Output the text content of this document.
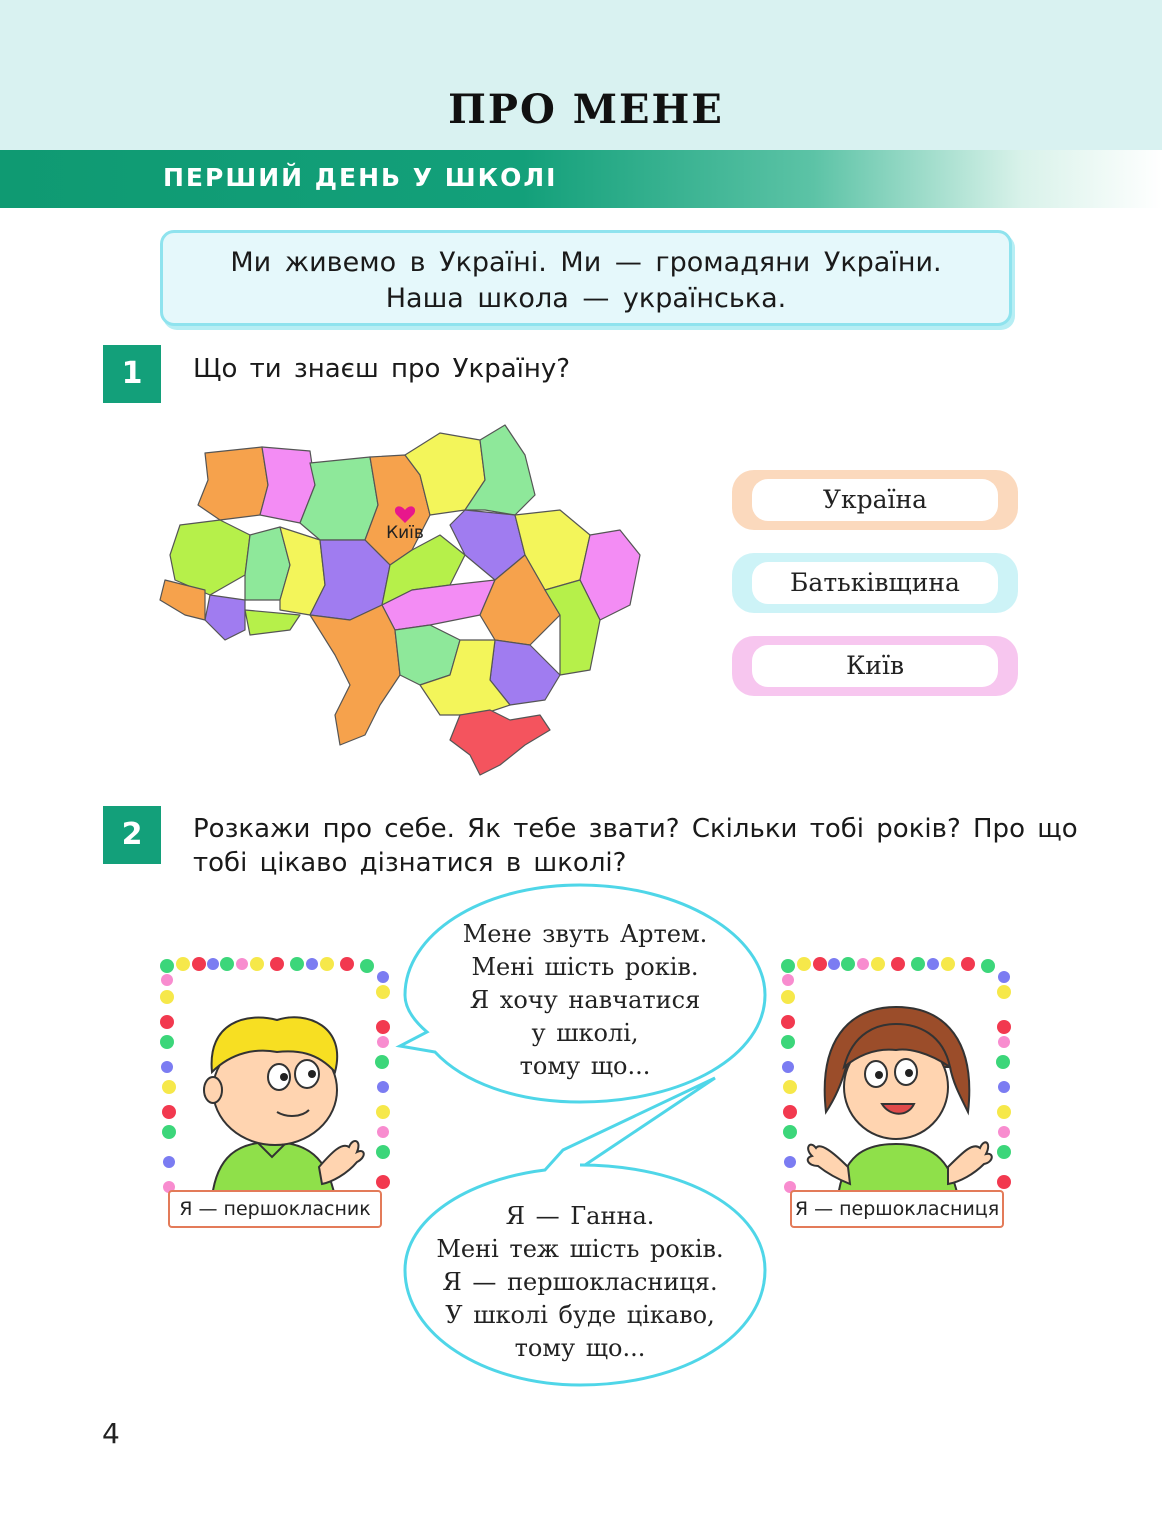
ПРО МЕНЕ
ПЕРШИЙ ДЕНЬ У ШКОЛІ
Ми живемо в Україні. Ми — громадяни України.
Наша школа — українська.
1	Що ти знаєш про Україну?
Київ
Україна
Батьківщина
Київ
2	Розкажи про себе. Як тебе звати? Скільки тобі років? Про що
тобі цікаво дізнатися в школі?
Я — першокласник	Я — першокласниця
Мене звуть Артем.
Мені шість років.
Я хочу навчатися
у школі,
тому що...
Я — Ганна.
Мені теж шість років.
Я — першокласниця.
У школі буде цікаво,
тому що...
4
